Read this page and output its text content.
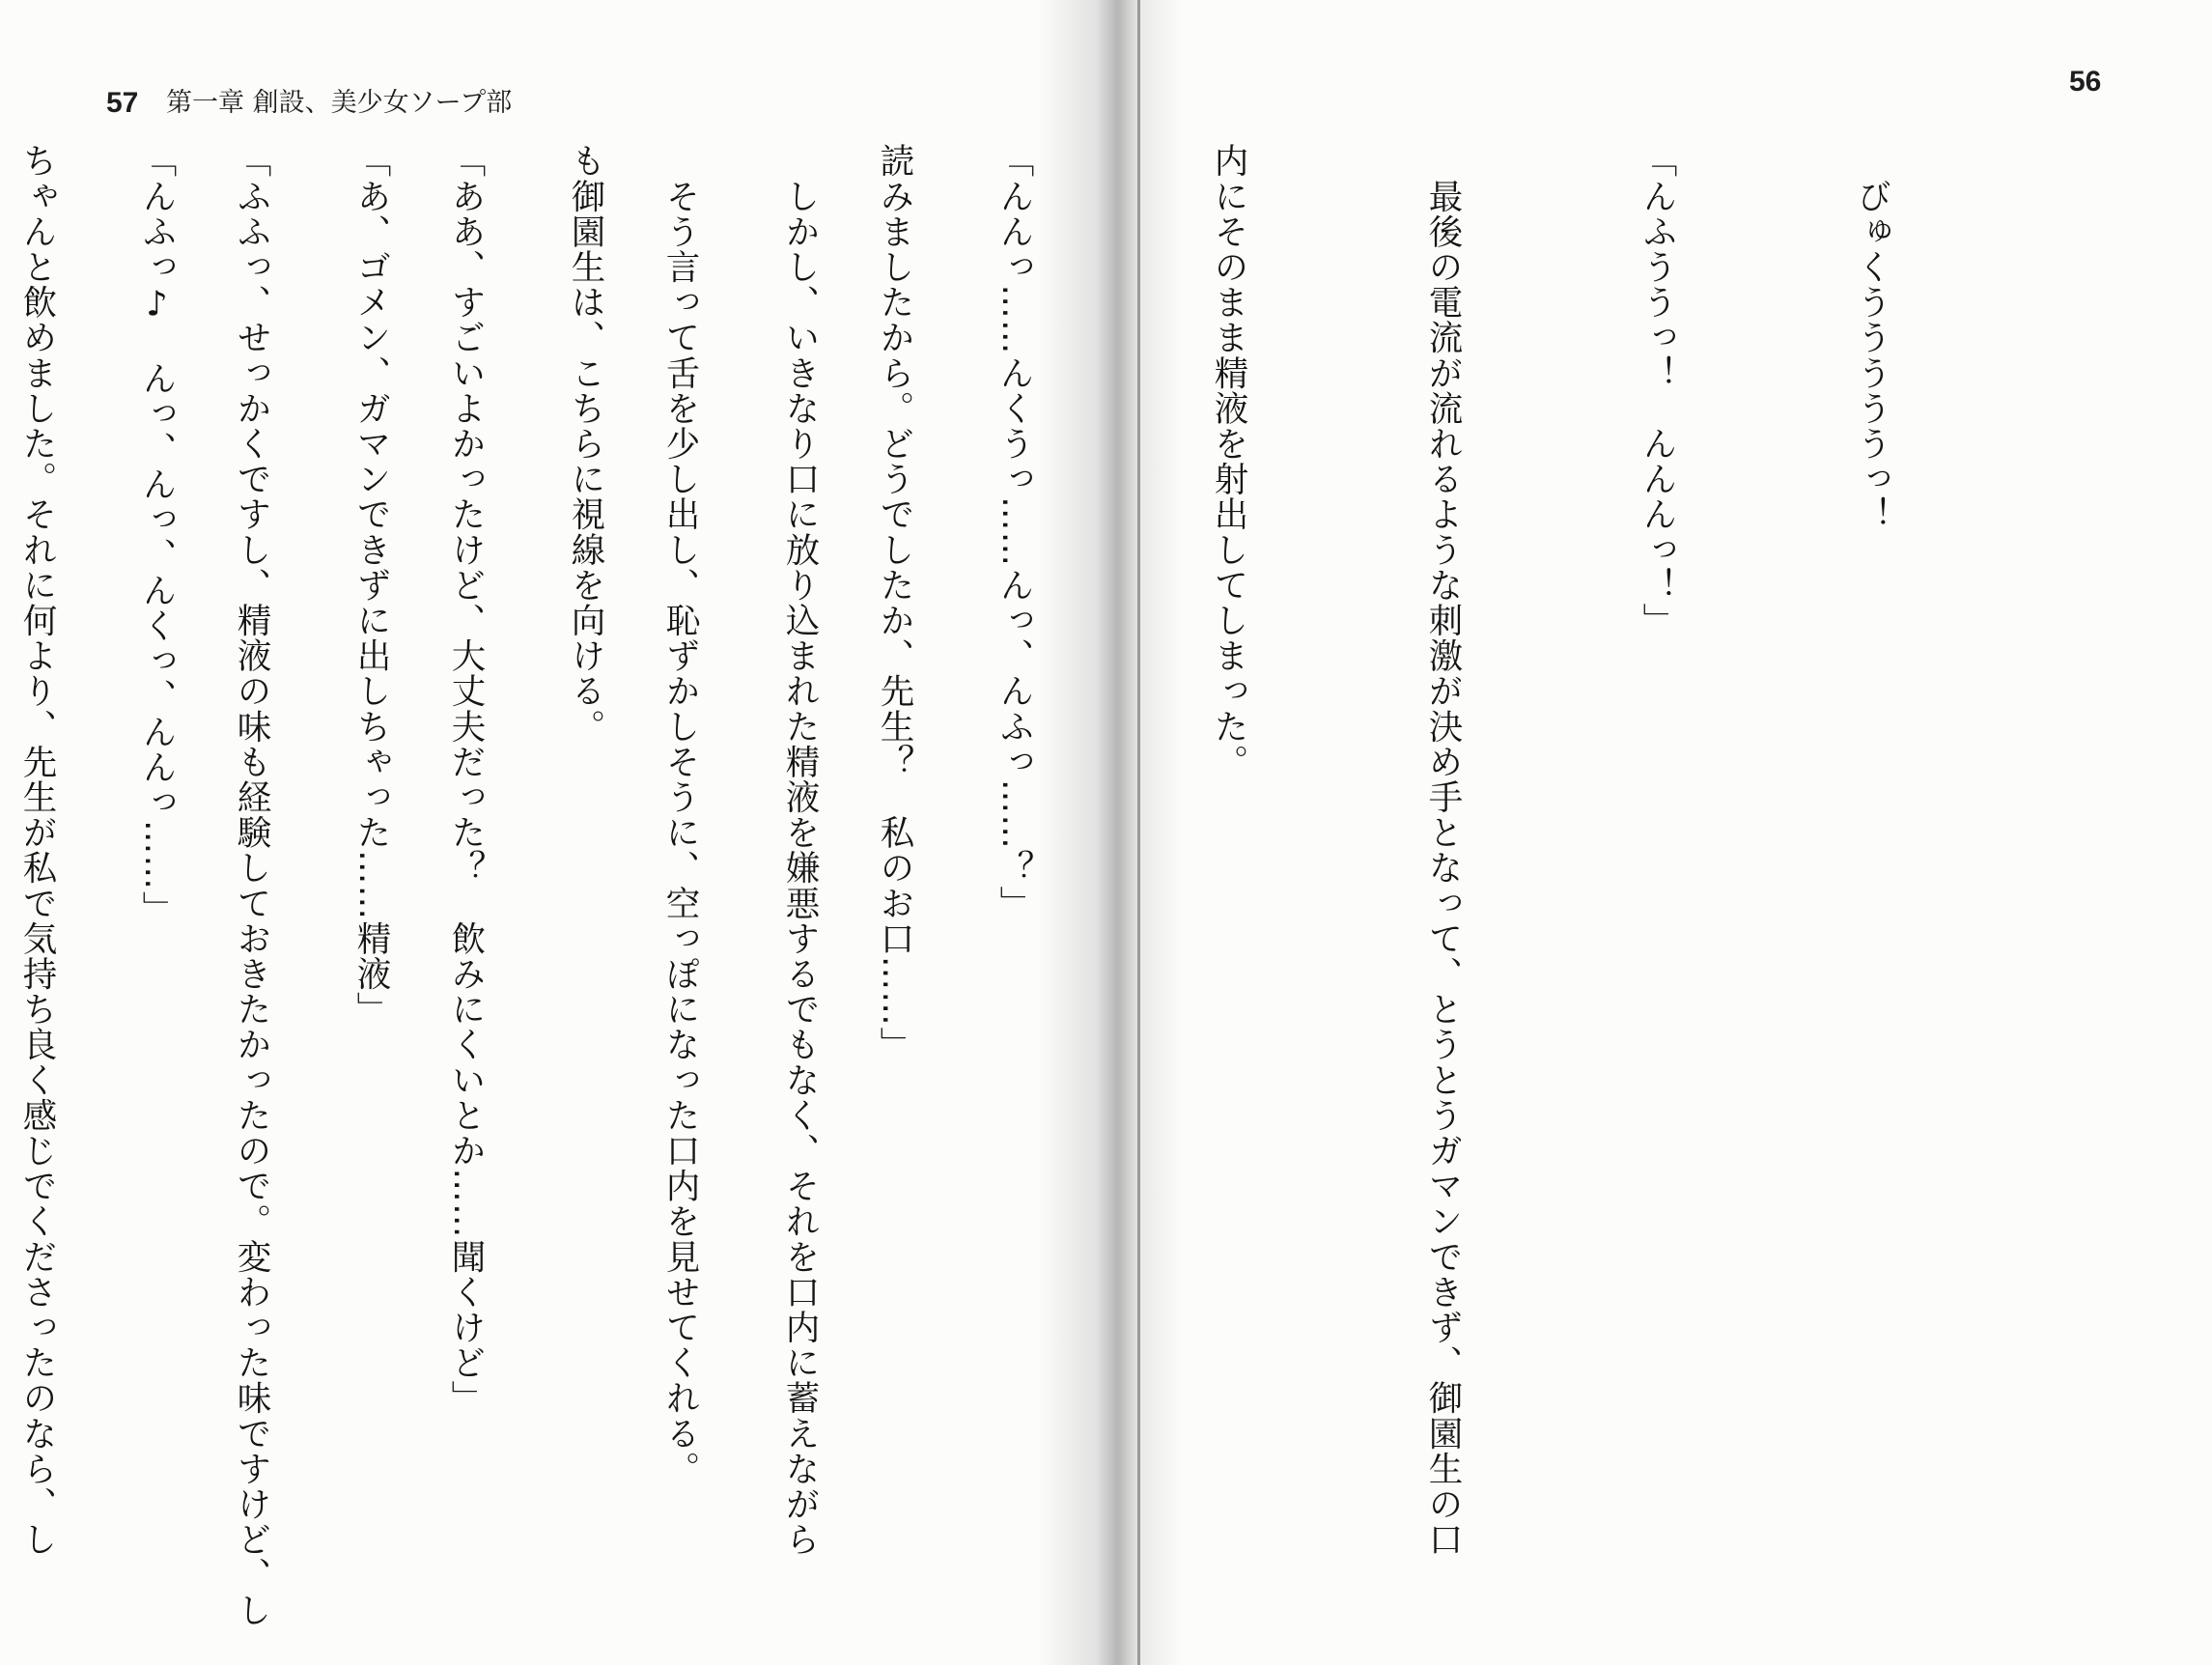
57 第一章 創設、美少女ソープ部
56

　びゅくうううううっ！

「んふううっ！　んんんっ！」

　最後の電流が流れるような刺激が決め手となって、とうとうガマンできず、御園生の口

内にそのまま精液を射出してしまった。

「んんっ……んくうっ……んっ、んふっ……？」

　しかし、いきなり口に放り込まれた精液を嫌悪するでもなく、それを口内に蓄えながら

も御園生は、こちらに視線を向ける。

「あ、ゴメン、ガマンできずに出しちゃった……精液」

「んふっ♪　んっ、んっ、んくっ、んんっ……」

	読みましたから。どうでしたか、先生？　私のお口……」

　そう言って舌を少し出し、恥ずかしそうに、空っぽになった口内を見せてくれる。

「ああ、すごいよかったけど、大丈夫だった？　飲みにくいとか……聞くけど」

「ふふっ、せっかくですし、精液の味も経験しておきたかったので。変わった味ですけど、し

ちゃんと飲めました。それに何より、先生が私で気持ち良く感じでくださったのなら、し
